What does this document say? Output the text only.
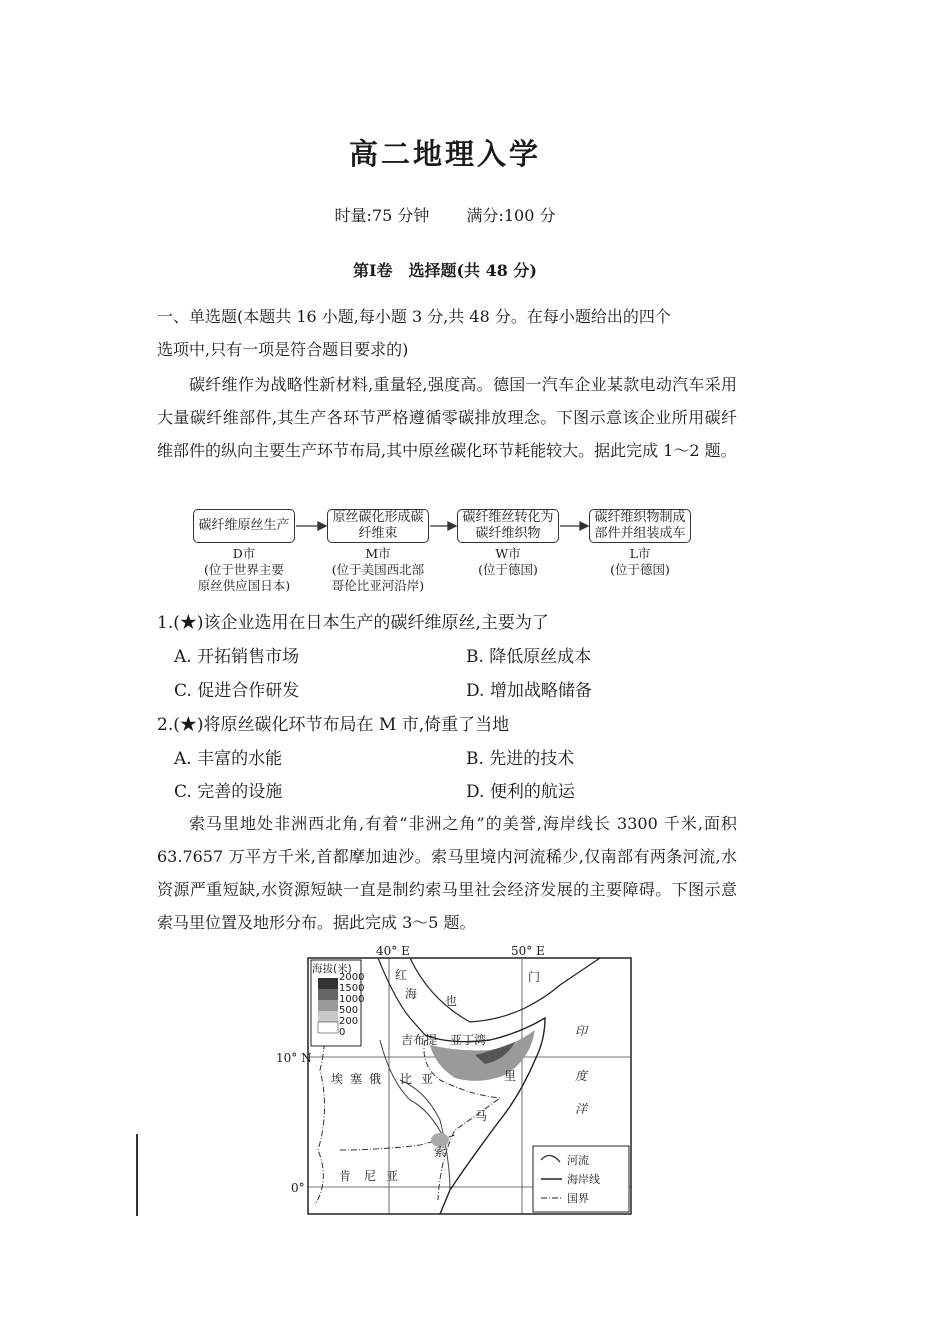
高二地理入学
时量:75 分钟 满分:100 分
第Ⅰ卷　选择题(共 48 分)
一、单选题(本题共 16 小题,每小题 3 分,共 48 分。在每小题给出的四个
选项中,只有一项是符合题目要求的)
碳纤维作为战略性新材料,重量轻,强度高。德国一汽车企业某款电动汽车采用大量碳纤维部件,其生产各环节严格遵循零碳排放理念。下图示意该企业所用碳纤维部件的纵向主要生产环节布局,其中原丝碳化环节耗能较大。据此完成 1～2 题。
碳纤维原丝生产
原丝碳化形成碳纤维束
碳纤维丝转化为碳纤维织物
碳纤维织物制成部件并组装成车
D市
(位于世界主要
原丝供应国日本)
M市
(位于美国西北部
哥伦比亚河沿岸)
W市
(位于德国)
L市
(位于德国)
1.(★)该企业选用在日本生产的碳纤维原丝,主要为了
A. 开拓销售市场	B. 降低原丝成本
C. 促进合作研发	D. 增加战略储备
2.(★)将原丝碳化环节布局在 M 市,倚重了当地
A. 丰富的水能	B. 先进的技术
C. 完善的设施	D. 便利的航运
索马里地处非洲西北角,有着“非洲之角”的美誉,海岸线长 3300 千米,面积 63.7657 万平方千米,首都摩加迪沙。索马里境内河流稀少,仅南部有两条河流,水资源严重短缺,水资源短缺一直是制约索马里社会经济发展的主要障碍。下图示意索马里位置及地形分布。据此完成 3～5 题。
40° E	50° E
10° N
0°
海拔(米)
2000
1500
1000
500
200
0
红
海 也
门
吉布提 亚丁湾
埃 塞 俄 比 亚	里
马
索
肯 尼 亚
印
度
洋
河流
海岸线
国界
